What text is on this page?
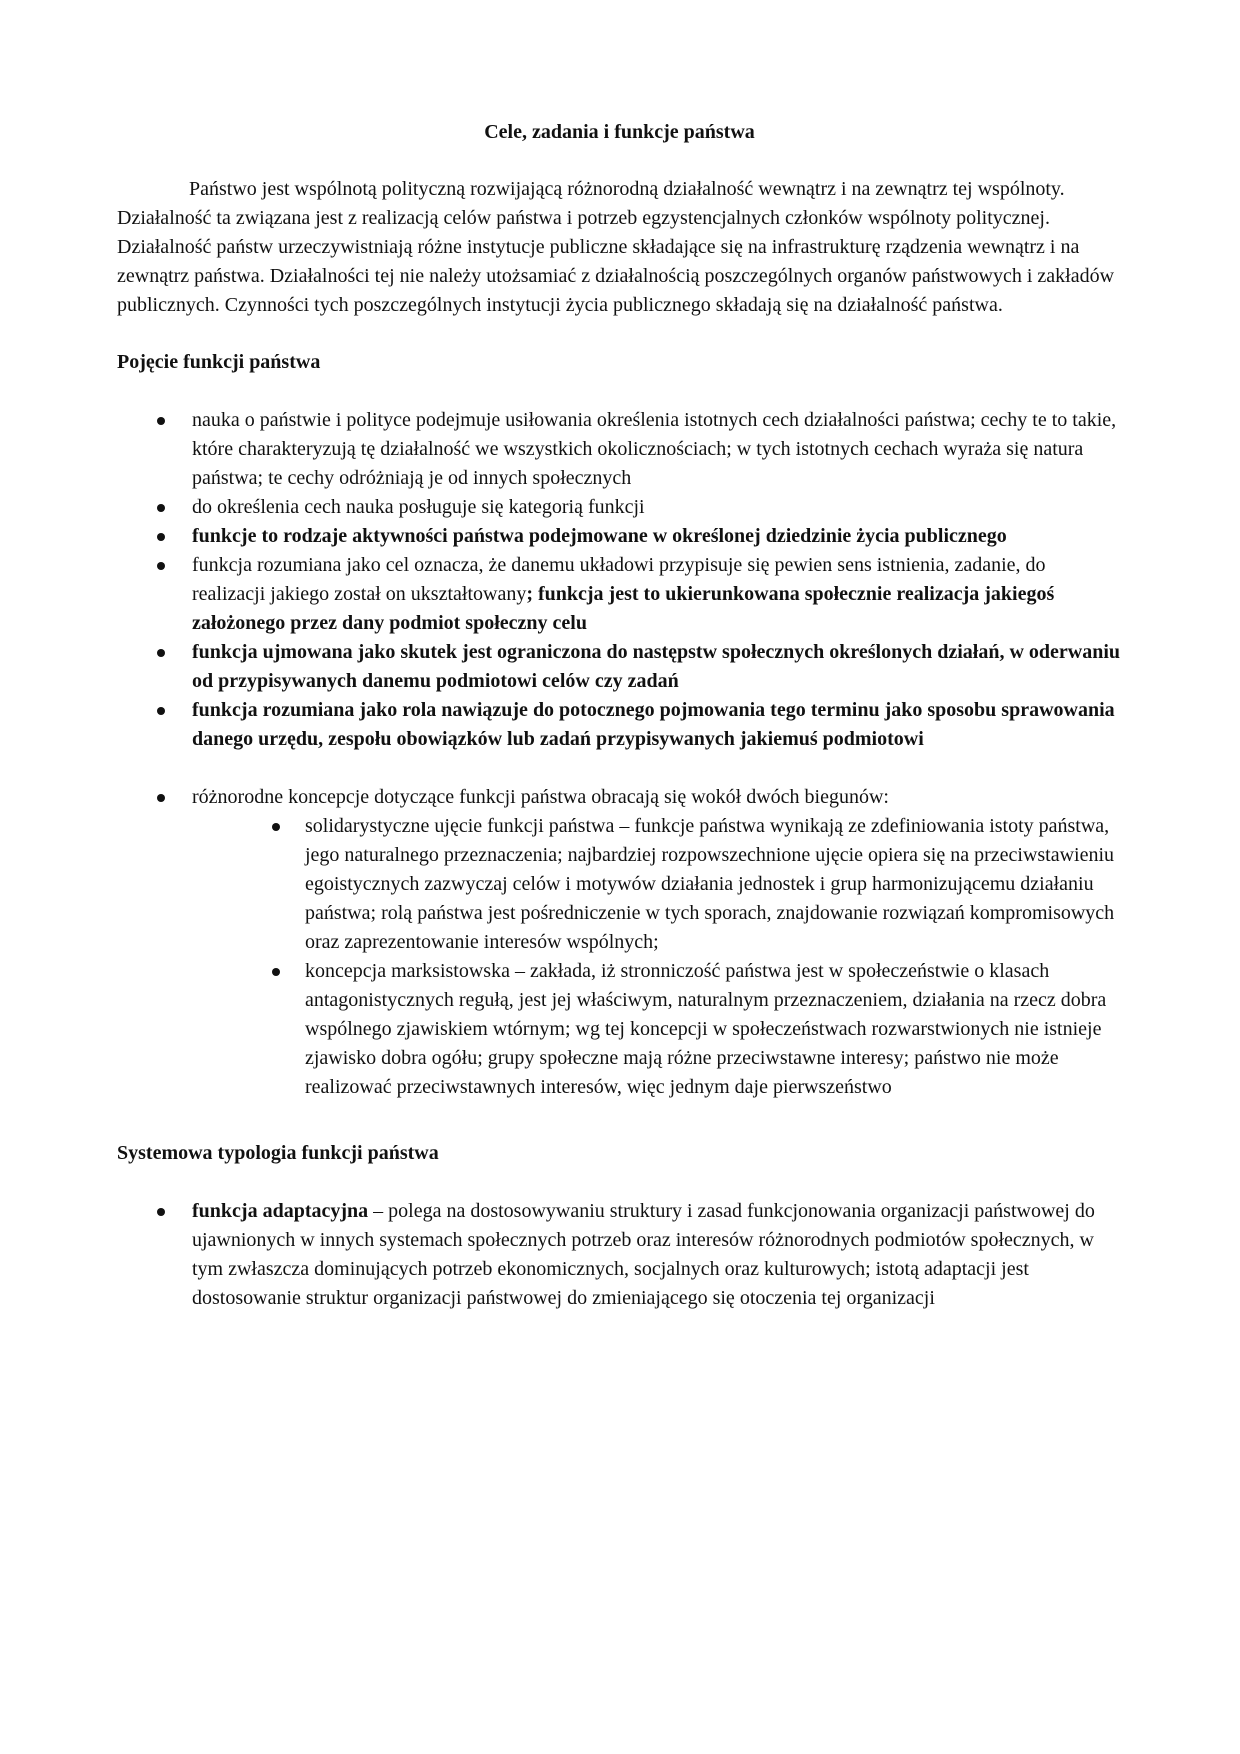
Cele, zadania i funkcje państwa

Państwo jest wspólnotą polityczną rozwijającą różnorodną działalność wewnątrz i na zewnątrz tej wspólnoty. Działalność ta związana jest z realizacją celów państwa i potrzeb egzystencjalnych członków wspólnoty politycznej. Działalność państw urzeczywistniają różne instytucje publiczne składające się na infrastrukturę rządzenia wewnątrz i na zewnątrz państwa. Działalności tej nie należy utożsamiać z działalnością poszczególnych organów państwowych i zakładów publicznych. Czynności tych poszczególnych instytucji życia publicznego składają się na działalność państwa.

Pojęcie funkcji państwa

nauka o państwie i polityce podejmuje usiłowania określenia istotnych cech działalności państwa; cechy te to takie, które charakteryzują tę działalność we wszystkich okolicznościach; w tych istotnych cechach wyraża się natura państwa; te cechy odróżniają je od innych społecznych
do określenia cech nauka posługuje się kategorią funkcji
funkcje to rodzaje aktywności państwa podejmowane w określonej dziedzinie życia publicznego
funkcja rozumiana jako cel oznacza, że danemu układowi przypisuje się pewien sens istnienia, zadanie, do realizacji jakiego został on ukształtowany; funkcja jest to ukierunkowana społecznie realizacja jakiegoś założonego przez dany podmiot społeczny celu
funkcja ujmowana jako skutek jest ograniczona do następstw społecznych określonych działań, w oderwaniu od przypisywanych danemu podmiotowi celów czy zadań
funkcja rozumiana jako rola nawiązuje do potocznego pojmowania tego terminu jako sposobu sprawowania danego urzędu, zespołu obowiązków lub zadań przypisywanych jakiemuś podmiotowi
różnorodne koncepcje dotyczące funkcji państwa obracają się wokół dwóch biegunów:
solidarystyczne ujęcie funkcji państwa – funkcje państwa wynikają ze zdefiniowania istoty państwa, jego naturalnego przeznaczenia; najbardziej rozpowszechnione ujęcie opiera się na przeciwstawieniu egoistycznych zazwyczaj celów i motywów działania jednostek i grup harmonizującemu działaniu państwa; rolą państwa jest pośredniczenie w tych sporach, znajdowanie rozwiązań kompromisowych oraz zaprezentowanie interesów wspólnych;
koncepcja marksistowska – zakłada, iż stronniczość państwa jest w społeczeństwie o klasach antagonistycznych regułą, jest jej właściwym, naturalnym przeznaczeniem, działania na rzecz dobra wspólnego zjawiskiem wtórnym; wg tej koncepcji w społeczeństwach rozwarstwionych nie istnieje zjawisko dobra ogółu; grupy społeczne mają różne przeciwstawne interesy; państwo nie może realizować przeciwstawnych interesów, więc jednym daje pierwszeństwo

Systemowa typologia funkcji państwa

funkcja adaptacyjna – polega na dostosowywaniu struktury i zasad funkcjonowania organizacji państwowej do ujawnionych w innych systemach społecznych potrzeb oraz interesów różnorodnych podmiotów społecznych, w tym zwłaszcza dominujących potrzeb ekonomicznych, socjalnych oraz kulturowych; istotą adaptacji jest dostosowanie struktur organizacji państwowej do zmieniającego się otoczenia tej organizacji
